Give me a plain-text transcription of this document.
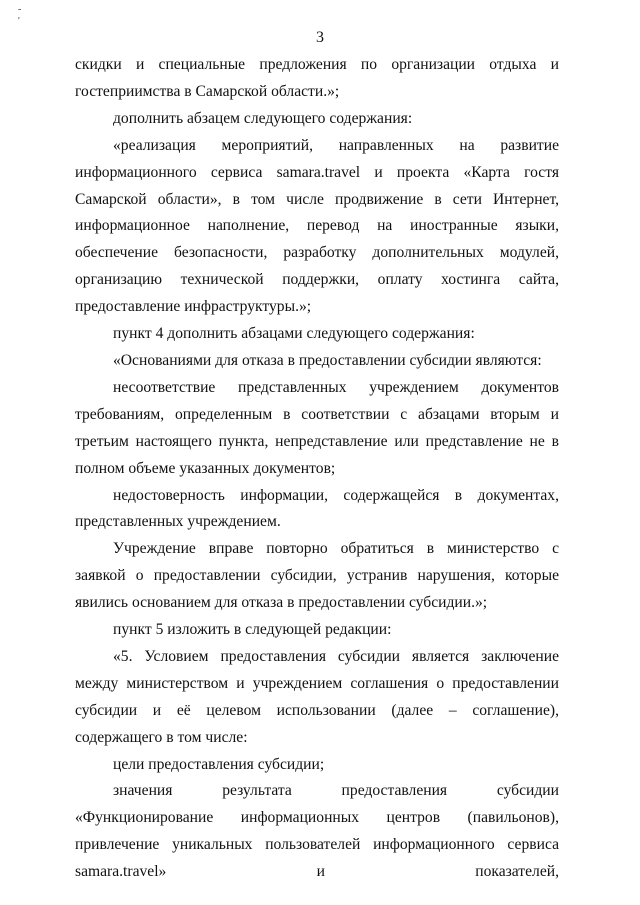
-
'
3

скидки и специальные предложения по организации отдыха и гостеприимства в Самарской области.»;

дополнить абзацем следующего содержания:

«реализация мероприятий, направленных на развитие информационного сервиса samara.travel и проекта «Карта гостя Самарской области», в том числе продвижение в сети Интернет, информационное наполнение, перевод на иностранные языки, обеспечение безопасности, разработку дополнительных модулей, организацию технической поддержки, оплату хостинга сайта, предоставление инфраструктуры.»;

пункт 4 дополнить абзацами следующего содержания:

«Основаниями для отказа в предоставлении субсидии являются:

несоответствие представленных учреждением документов требованиям, определенным в соответствии с абзацами вторым и третьим настоящего пункта, непредставление или представление не в полном объеме указанных документов;

недостоверность информации, содержащейся в документах, представленных учреждением.

Учреждение вправе повторно обратиться в министерство с заявкой о предоставлении субсидии, устранив нарушения, которые явились основанием для отказа в предоставлении субсидии.»;

пункт 5 изложить в следующей редакции:

«5. Условием предоставления субсидии является заключение между министерством и учреждением соглашения о предоставлении субсидии и её целевом использовании (далее – соглашение), содержащего в том числе:

цели предоставления субсидии;

значения результата предоставления субсидии «Функционирование информационных центров (павильонов), привлечение уникальных пользователей информационного сервиса samara.travel» и показателей,
